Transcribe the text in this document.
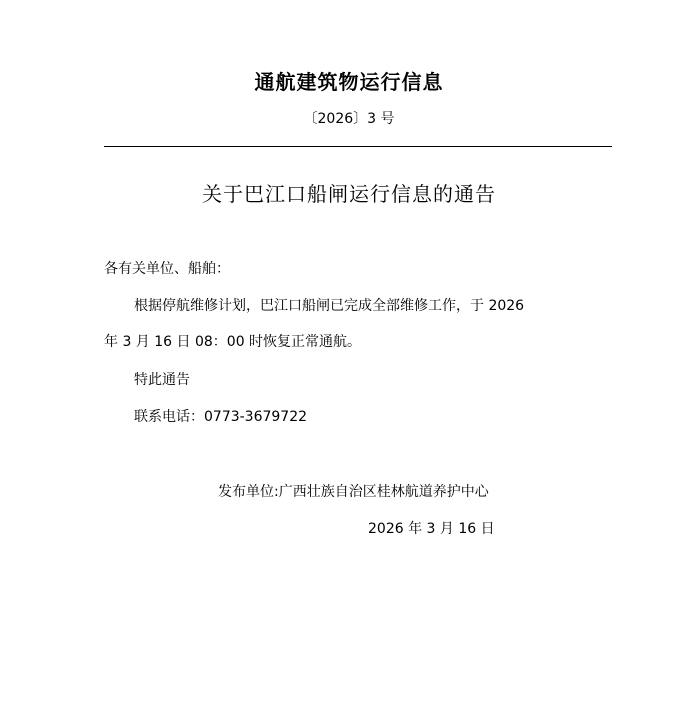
通航建筑物运行信息
〔2026〕3 号
关于巴江口船闸运行信息的通告
各有关单位、船舶：
根据停航维修计划，巴江口船闸已完成全部维修工作，于 2026
年 3 月 16 日 08：00 时恢复正常通航。
特此通告
联系电话：0773-3679722
发布单位:广西壮族自治区桂林航道养护中心
2026 年 3 月 16 日
